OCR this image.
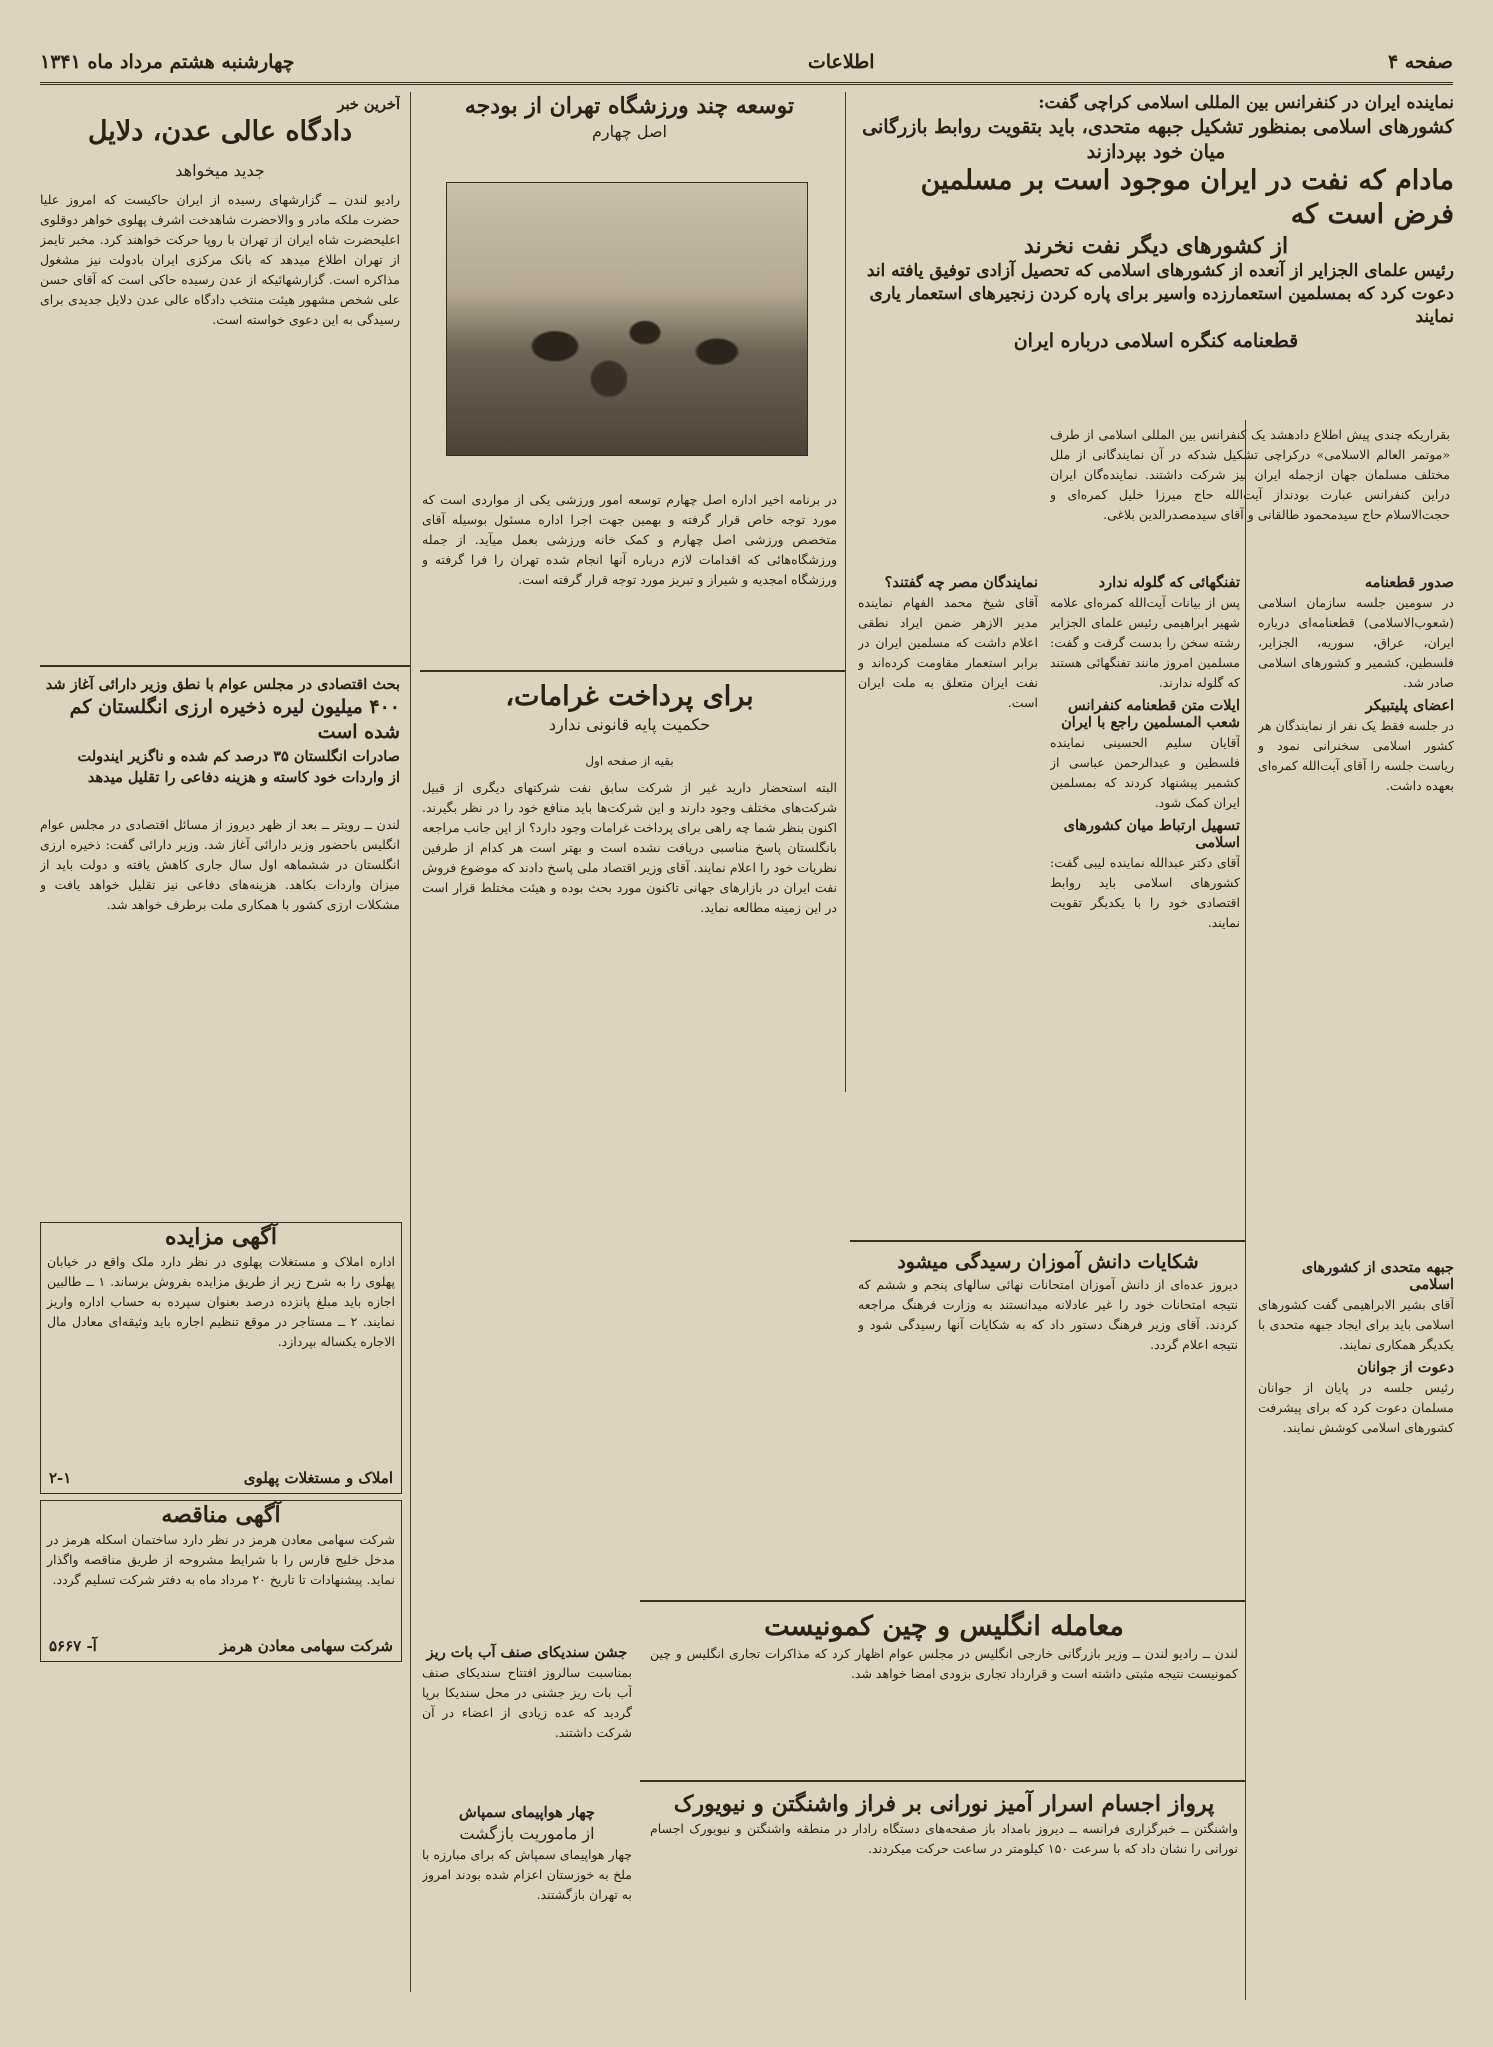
چهارشنبه هشتم مرداد ماه ۱۳۴۱	اطلاعات	صفحه ۴
نماینده ایران در کنفرانس بین المللی اسلامی کراچی گفت:
کشورهای اسلامی بمنظور تشکیل جبهه متحدی، باید بتقویت روابط بازرگانی
میان خود بپردازند
مادام که نفت در ایران موجود است بر مسلمین فرض است که
از کشورهای دیگر نفت نخرند
رئیس علمای الجزایر از آنعده از کشورهای اسلامی که تحصیل آزادی توفیق یافته اند
دعوت کرد که بمسلمین استعمارزده واسیر برای پاره کردن زنجیرهای استعمار یاری نمایند
قطعنامه کنگره اسلامی درباره ایران
بقراریکه چندی پیش اطلاع دادهشد یک کنفرانس بین المللی اسلامی از طرف «موتمر العالم الاسلامی» درکراچی تشکیل شدکه در آن نمایندگانی از ملل مختلف مسلمان جهان ازجمله ایران نیز شرکت داشتند. نماینده‌گان ایران دراین کنفرانس عبارت بودنداز آیت‌الله حاج میرزا خلیل کمره‌ای و حجت‌الاسلام حاج سیدمحمود طالقانی و آقای سیدمصدرالدین بلاغی.
توسعه چند ورزشگاه تهران از بودجه
اصل چهارم
در برنامه اخیر اداره اصل چهارم توسعه امور ورزشی یکی از مواردی است که مورد توجه خاص قرار گرفته و بهمین جهت اجرا اداره مسئول بوسیله آقای متخصص ورزشی اصل چهارم و کمک خانه ورزشی بعمل میآید. از جمله ورزشگاه‌هائی که اقدامات لازم درباره آنها انجام شده تهران را فرا گرفته و ورزشگاه امجدیه و شیراز و تبریز مورد توجه قرار گرفته است.
آخرین خبر
دادگاه عالی عدن، دلایل
جدید میخواهد
رادیو لندن ــ گزارشهای رسیده از ایران حاکیست که امروز علیا حضرت ملکه مادر و والاحضرت شاهدخت اشرف پهلوی خواهر دوقلوی اعلیحضرت شاه ایران از تهران با روپا حرکت خواهند کرد. مخبر تایمز از تهران اطلاع میدهد که بانک مرکزی ایران بادولت نیز مشغول مذاکره است. گزارشهائیکه از عدن رسیده حاکی است که آقای حسن علی شخص مشهور هیئت منتخب دادگاه عالی عدن دلایل جدیدی برای رسیدگی به این دعوی خواسته است.
بحث اقتصادی در مجلس عوام با نطق وزیر دارائی آغاز شد
۴۰۰ میلیون لیره ذخیره ارزی انگلستان کم شده است
صادرات انگلستان ۳۵ درصد کم شده و ناگزیر ایندولت
از واردات خود کاسته و هزینه دفاعی را تقلیل میدهد
لندن ــ رویتر ــ بعد از ظهر دیروز از مسائل اقتصادی در مجلس عوام انگلیس باحضور وزیر دارائی آغاز شد. وزیر دارائی گفت: ذخیره ارزی انگلستان در ششماهه اول سال جاری کاهش یافته و دولت باید از میزان واردات بکاهد. هزینه‌های دفاعی نیز تقلیل خواهد یافت و مشکلات ارزی کشور با همکاری ملت برطرف خواهد شد.
آگهی مزایده
اداره املاک و مستغلات پهلوی در نظر دارد ملک واقع در خیابان پهلوی را به شرح زیر از طریق مزایده بفروش برساند. ۱ ــ طالبین اجازه باید مبلغ پانزده درصد بعنوان سپرده به حساب اداره واریز نمایند. ۲ ــ مستاجر در موقع تنظیم اجاره باید وثیقه‌ای معادل مال الاجاره یکساله بپردازد.
املاک و مستغلات پهلوی
۲-۱
آگهی مناقصه
شرکت سهامی معادن هرمز در نظر دارد ساختمان اسکله هرمز در مدخل خلیج فارس را با شرایط مشروحه از طریق مناقصه واگذار نماید. پیشنهادات تا تاریخ ۲۰ مرداد ماه به دفتر شرکت تسلیم گردد.
شرکت سهامی معادن هرمز
آ- ۵۶۶۷
برای پرداخت غرامات،
حکمیت پایه قانونی ندارد
بقیه از صفحه اول
البته استحضار دارید غیر از شرکت سابق نفت شرکتهای دیگری از قبیل شرکت‌های مختلف وجود دارند و این شرکت‌ها باید منافع خود را در نظر بگیرند. اکنون بنظر شما چه راهی برای پرداخت غرامات وجود دارد؟ از این جانب مراجعه بانگلستان پاسخ مناسبی دریافت نشده است و بهتر است هر کدام از طرفین نظریات خود را اعلام نمایند. آقای وزیر اقتصاد ملی پاسخ دادند که موضوع فروش نفت ایران در بازارهای جهانی تاکنون مورد بحث بوده و هیئت مختلط قرار است در این زمینه مطالعه نماید.
نمایندگان مصر چه گفتند؟
آقای شیخ محمد الفهام نماینده مدیر الازهر ضمن ایراد نطقی اعلام داشت که مسلمین ایران در برابر استعمار مقاومت کرده‌اند و نفت ایران متعلق به ملت ایران است.
تفنگهائی که گلوله ندارد
پس از بیانات آیت‌الله کمره‌ای علامه شهیر ابراهیمی رئیس علمای الجزایر رشته سخن را بدست گرفت و گفت: مسلمین امروز مانند تفنگهائی هستند که گلوله ندارند.
ایلات متن قطعنامه کنفرانس شعب المسلمین راجع با ایران
آقایان سلیم الحسینی نماینده فلسطین و عبدالرحمن عباسی از کشمیر پیشنهاد کردند که بمسلمین ایران کمک شود.
تسهیل ارتباط میان کشورهای اسلامی
آقای دکتر عبدالله نماینده لیبی گفت: کشورهای اسلامی باید روابط اقتصادی خود را با یکدیگر تقویت نمایند.
صدور قطعنامه
در سومین جلسه سازمان اسلامی (شعوب‌الاسلامی) قطعنامه‌ای درباره ایران، عراق، سوریه، الجزایر، فلسطین، کشمیر و کشورهای اسلامی صادر شد.
اعضای پلیتبیکر
در جلسه فقط یک نفر از نمایندگان هر کشور اسلامی سخنرانی نمود و ریاست جلسه را آقای آیت‌الله کمره‌ای بعهده داشت.
جبهه متحدی از کشورهای اسلامی
آقای بشیر الابراهیمی گفت کشورهای اسلامی باید برای ایجاد جبهه متحدی با یکدیگر همکاری نمایند.
دعوت از جوانان
رئیس جلسه در پایان از جوانان مسلمان دعوت کرد که برای پیشرفت کشورهای اسلامی کوشش نمایند.
شکایات دانش آموزان رسیدگی میشود
دیروز عده‌ای از دانش آموزان امتحانات نهائی سالهای پنجم و ششم که نتیجه امتحانات خود را غیر عادلانه میدانستند به وزارت فرهنگ مراجعه کردند. آقای وزیر فرهنگ دستور داد که به شکایات آنها رسیدگی شود و نتیجه اعلام گردد.
معامله انگلیس و چین کمونیست
لندن ــ رادیو لندن ــ وزیر بازرگانی خارجی انگلیس در مجلس عوام اظهار کرد که مذاکرات تجاری انگلیس و چین کمونیست نتیجه مثبتی داشته است و قرارداد تجاری بزودی امضا خواهد شد.
جشن سندیکای صنف آب بات ریز
بمناسبت سالروز افتتاح سندیکای صنف آب بات ریز جشنی در محل سندیکا برپا گردید که عده زیادی از اعضاء در آن شرکت داشتند.
چهار هواپیمای سمپاش
از ماموریت بازگشت
چهار هواپیمای سمپاش که برای مبارزه با ملخ به خوزستان اعزام شده بودند امروز به تهران بازگشتند.
پرواز اجسام اسرار آمیز نورانی بر فراز واشنگتن و نیویورک
واشنگتن ــ خبرگزاری فرانسه ــ دیروز بامداد باز صفحه‌های دستگاه رادار در منطقه واشنگتن و نیویورک اجسام نورانی را نشان داد که با سرعت ۱۵۰ کیلومتر در ساعت حرکت میکردند.
